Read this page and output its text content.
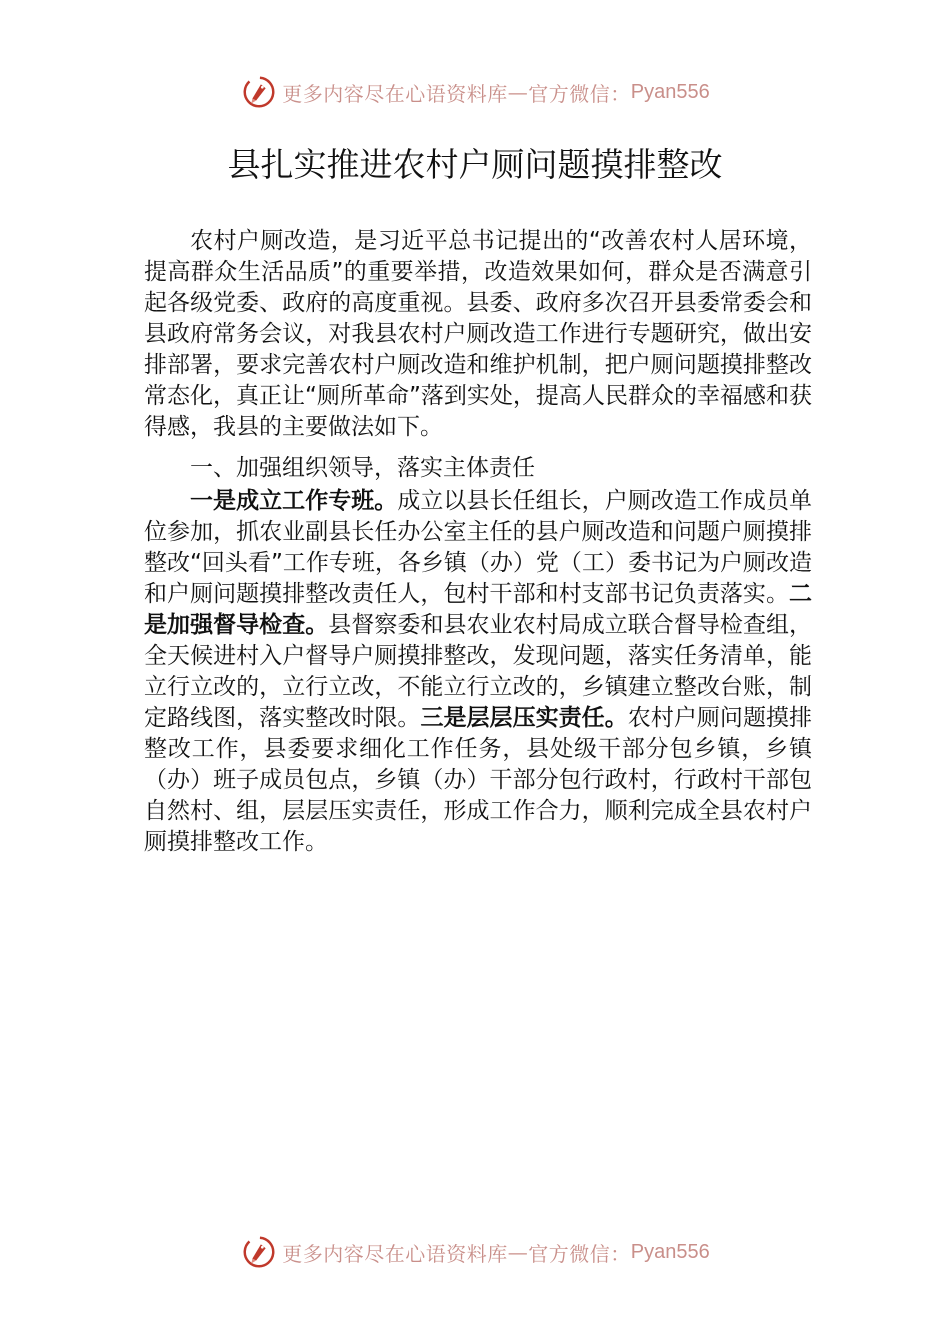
更多内容尽在心语资料库 — 官方微信： Pyan556
县扎实推进农村户厕问题摸排整改

农村户厕改造，是习近平总书记提出的“改善农村人居环境，提高群众生活品质”的重要举措，改造效果如何，群众是否满意引起各级党委、政府的高度重视。县委、政府多次召开县委常委会和县政府常务会议，对我县农村户厕改造工作进行专题研究，做出安排部署，要求完善农村户厕改造和维护机制，把户厕问题摸排整改常态化，真正让“厕所革命”落到实处，提高人民群众的幸福感和获得感，我县的主要做法如下。

一、加强组织领导，落实主体责任

一是成立工作专班。成立以县长任组长，户厕改造工作成员单位参加，抓农业副县长任办公室主任的县户厕改造和问题户厕摸排整改“回头看”工作专班，各乡镇（办）党（工）委书记为户厕改造和户厕问题摸排整改责任人，包村干部和村支部书记负责落实。二是加强督导检查。县督察委和县农业农村局成立联合督导检查组，全天候进村入户督导户厕摸排整改，发现问题，落实任务清单，能立行立改的，立行立改，不能立行立改的，乡镇建立整改台账，制定路线图，落实整改时限。三是层层压实责任。农村户厕问题摸排整改工作，县委要求细化工作任务，县处级干部分包乡镇，乡镇（办）班子成员包点，乡镇（办）干部分包行政村，行政村干部包自然村、组，层层压实责任，形成工作合力，顺利完成全县农村户厕摸排整改工作。

更多内容尽在心语资料库 — 官方微信： Pyan556
